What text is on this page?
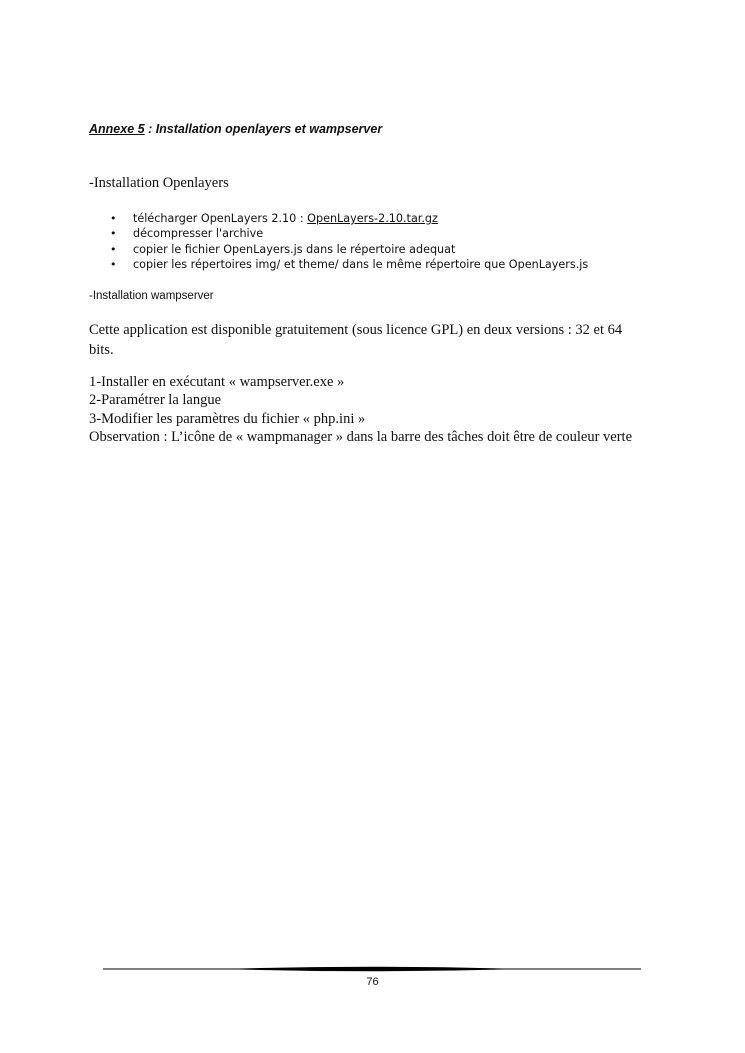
Annexe 5 : Installation openlayers et wampserver
-Installation Openlayers
• télécharger OpenLayers 2.10 : OpenLayers-2.10.tar.gz
• décompresser l'archive
• copier le fichier OpenLayers.js dans le répertoire adequat
• copier les répertoires img/ et theme/ dans le même répertoire que OpenLayers.js
-Installation wampserver
Cette application est disponible gratuitement (sous licence GPL) en deux versions : 32 et 64 bits.
1-Installer en exécutant « wampserver.exe »
2-Paramétrer la langue
3-Modifier les paramètres du fichier « php.ini »
Observation : L’icône de « wampmanager » dans la barre des tâches doit être de couleur verte
76
